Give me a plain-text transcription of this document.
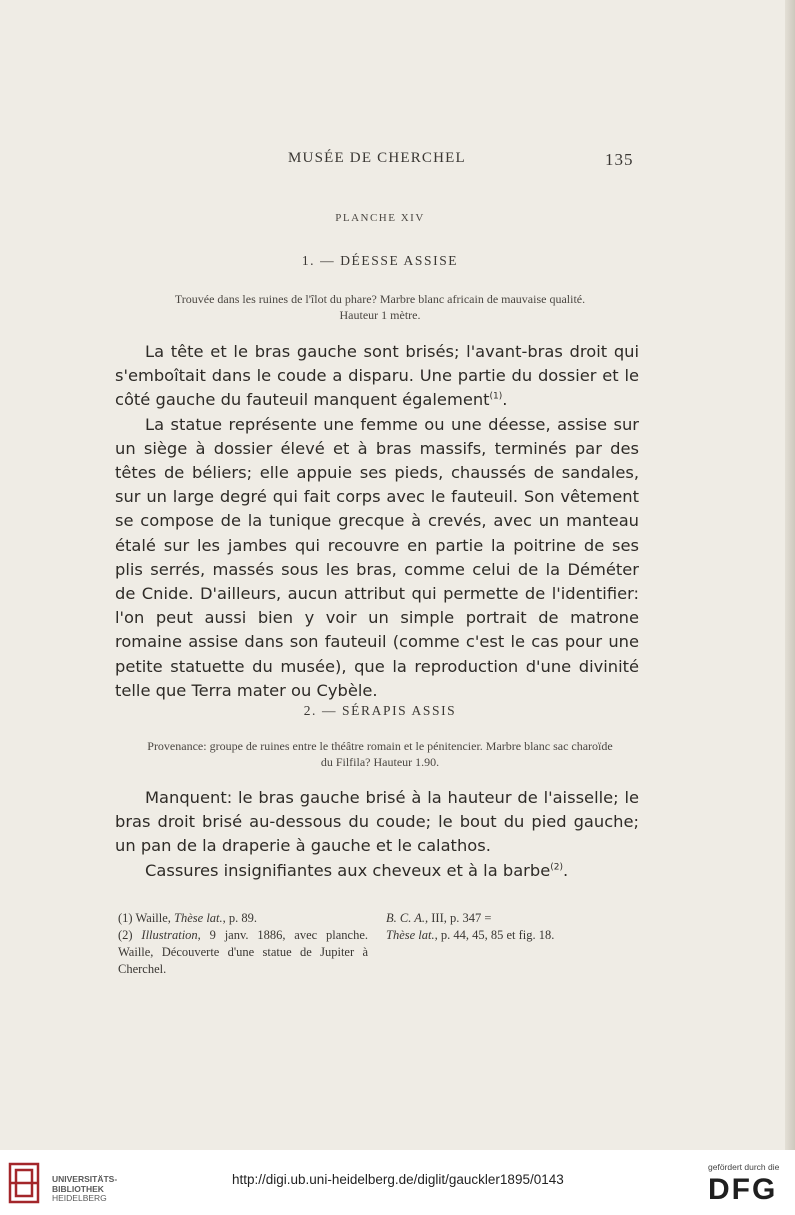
MUSÉE DE CHERCHEL	135
PLANCHE XIV
1. — DÉESSE ASSISE
Trouvée dans les ruines de l'îlot du phare? Marbre blanc africain de mauvaise qualité.
Hauteur 1 mètre.

La tête et le bras gauche sont brisés; l'avant-bras droit qui s'emboîtait dans le coude a disparu. Une partie du dossier et le côté gauche du fauteuil manquent également$^{(1)}$.

La statue représente une femme ou une déesse, assise sur un siège à dossier élevé et à bras massifs, terminés par des têtes de béliers; elle appuie ses pieds, chaussés de sandales, sur un large degré qui fait corps avec le fauteuil. Son vêtement se compose de la tunique grecque à crevés, avec un manteau étalé sur les jambes qui recouvre en partie la poitrine de ses plis serrés, massés sous les bras, comme celui de la Déméter de Cnide. D'ailleurs, aucun attribut qui permette de l'identifier: l'on peut aussi bien y voir un simple portrait de matrone romaine assise dans son fauteuil (comme c'est le cas pour une petite statuette du musée), que la reproduction d'une divinité telle que Terra mater ou Cybèle.

2. — SÉRAPIS ASSIS
Provenance: groupe de ruines entre le théâtre romain et le pénitencier. Marbre blanc sac charoïde
du Filfila? Hauteur 1.90.

Manquent: le bras gauche brisé à la hauteur de l'aisselle; le bras droit brisé au-dessous du coude; le bout du pied gauche; un pan de la draperie à gauche et le calathos.

Cassures insignifiantes aux cheveux et à la barbe$^{(2)}$.

(1) Waille, Thèse lat., p. 89.

(2) Illustration, 9 janv. 1886, avec planche. Waille, Découverte d'une statue de Jupiter à Cherchel.

B. C. A., III, p. 347 =
Thèse lat., p. 44, 45, 85 et fig. 18.

UNIVERSITÄTS-
BIBLIOTHEK
HEIDELBERG
http://digi.ub.uni-heidelberg.de/diglit/gauckler1895/0143
gefördert durch die
DFG
